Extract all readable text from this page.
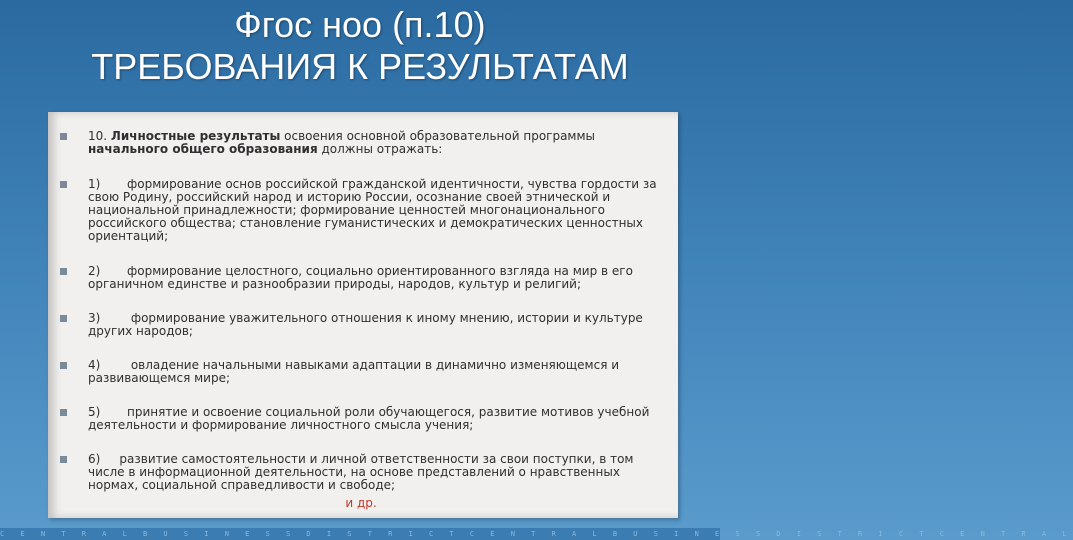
Фгос ноо (п.10)
ТРЕБОВАНИЯ К РЕЗУЛЬТАТАМ
10. Личностные результаты освоения основной образовательной программы начального общего образования должны отражать:
1)       формирование основ российской гражданской идентичности, чувства гордости за свою Родину, российский народ и историю России, осознание своей этнической и национальной принадлежности; формирование ценностей многонационального российского общества; становление гуманистических и демократических ценностных ориентаций;
2)       формирование целостного, социально ориентированного взгляда на мир в его органичном единстве и разнообразии природы, народов, культур и религий;
3)        формирование уважительного отношения к иному мнению, истории и культуре других народов;
4)        овладение начальными навыками адаптации в динамично изменяющемся и развивающемся мире;
5)       принятие и освоение социальной роли обучающегося, развитие мотивов учебной деятельности и формирование личностного смысла учения;
6)     развитие самостоятельности и личной ответственности за свои поступки, в том числе в информационной деятельности, на основе представлений о нравственных нормах, социальной справедливости и свободе;
и др.
C E N T R A L B U S I N E S S D I S T R I C T C E N T R A L B U S I N E S S D I S T R I C T C E N T R A L
